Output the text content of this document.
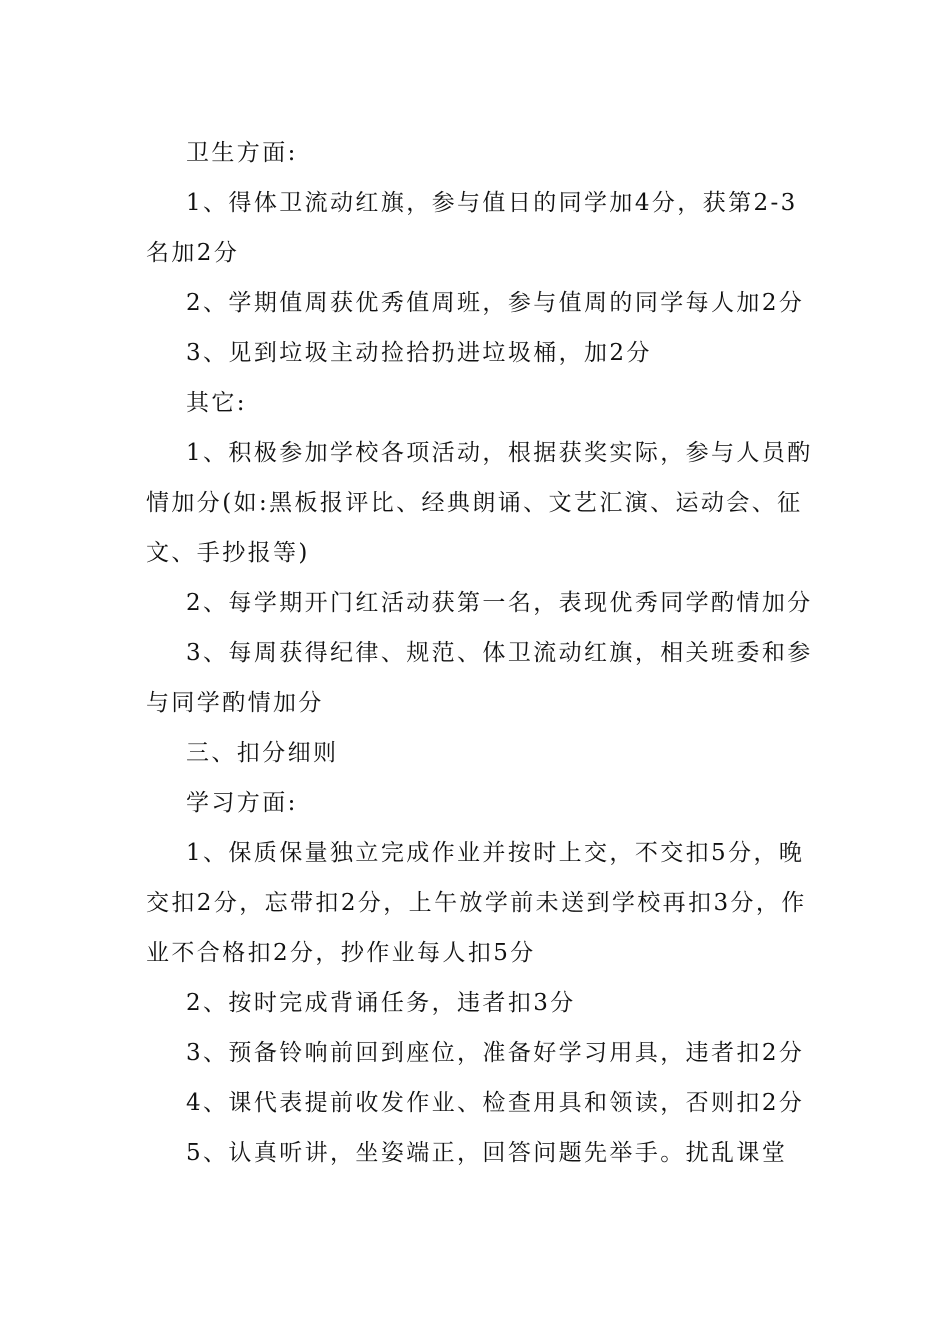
卫生方面:

1、得体卫流动红旗，参与值日的同学加4分，获第2-3名加2分

2、学期值周获优秀值周班，参与值周的同学每人加2分

3、见到垃圾主动捡拾扔进垃圾桶，加2分

其它:

1、积极参加学校各项活动，根据获奖实际，参与人员酌情加分(如:黑板报评比、经典朗诵、文艺汇演、运动会、征文、手抄报等)

2、每学期开门红活动获第一名，表现优秀同学酌情加分

3、每周获得纪律、规范、体卫流动红旗，相关班委和参与同学酌情加分

三、扣分细则

学习方面:

1、保质保量独立完成作业并按时上交，不交扣5分，晚交扣2分，忘带扣2分，上午放学前未送到学校再扣3分，作业不合格扣2分，抄作业每人扣5分

2、按时完成背诵任务，违者扣3分

3、预备铃响前回到座位，准备好学习用具，违者扣2分

4、课代表提前收发作业、检查用具和领读，否则扣2分

5、认真听讲，坐姿端正，回答问题先举手。扰乱课堂
